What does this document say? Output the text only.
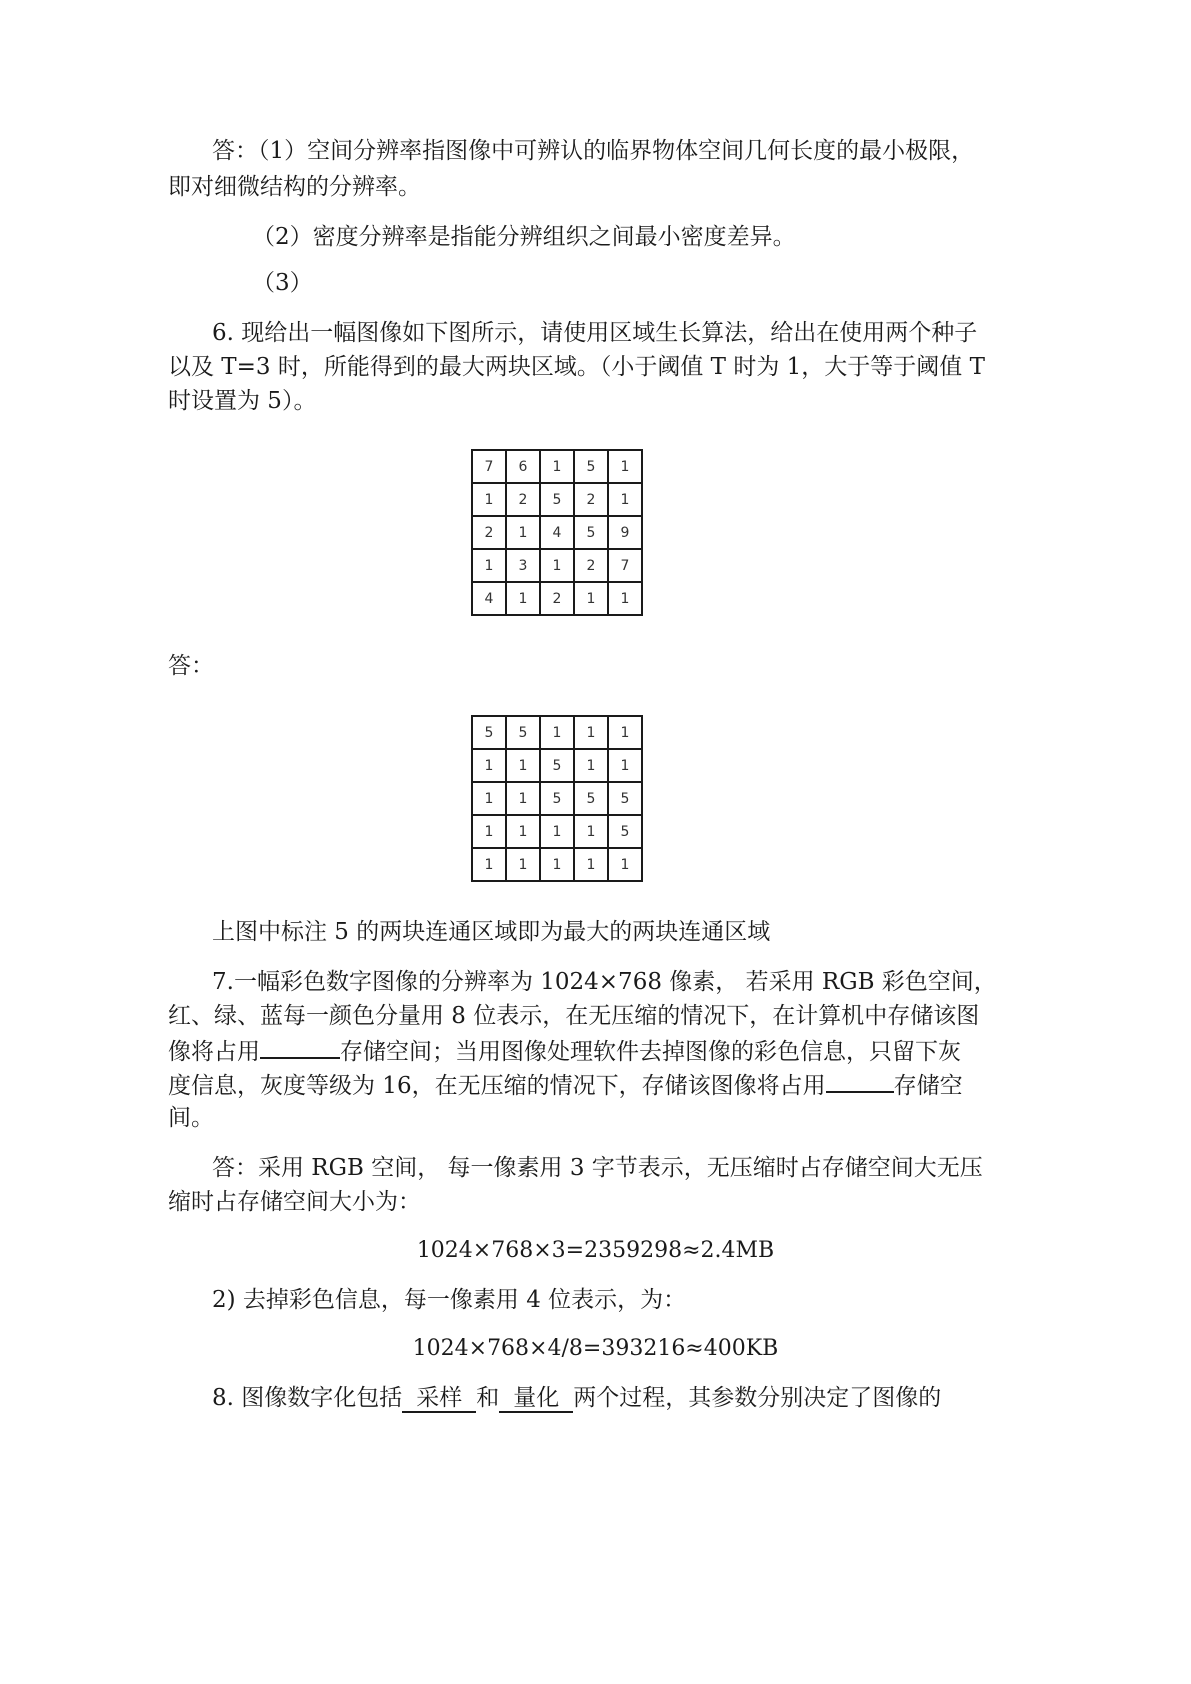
答：（1）空间分辨率指图像中可辨认的临界物体空间几何长度的最小极限，
即对细微结构的分辨率。
（2）密度分辨率是指能分辨组织之间最小密度差异。
（3）
6. 现给出一幅图像如下图所示，请使用区域生长算法，给出在使用两个种子
以及 T=3 时，所能得到的最大两块区域。（小于阈值 T 时为 1，大于等于阈值 T
时设置为 5）。
7	6	1	5	1
1	2	5	2	1
2	1	4	5	9
1	3	1	2	7
4	1	2	1	1
答：
5	5	1	1	1
1	1	5	1	1
1	1	5	5	5
1	1	1	1	5
1	1	1	1	1
上图中标注 5 的两块连通区域即为最大的两块连通区域
7.一幅彩色数字图像的分辨率为 1024×768 像素， 若采用 RGB 彩色空间，
红、绿、蓝每一颜色分量用 8 位表示，在无压缩的情况下，在计算机中存储该图
像将占用	存储空间；当用图像处理软件去掉图像的彩色信息，只留下灰
度信息，灰度等级为 16，在无压缩的情况下，存储该图像将占用	存储空
间。
答：采用 RGB 空间， 每一像素用 3 字节表示，无压缩时占存储空间大无压
缩时占存储空间大小为：
1024×768×3=2359298≈2.4MB
2) 去掉彩色信息，每一像素用 4 位表示，为：
1024×768×4/8=393216≈400KB
8. 图像数字化包括 采样 和 量化 两个过程，其参数分别决定了图像的
